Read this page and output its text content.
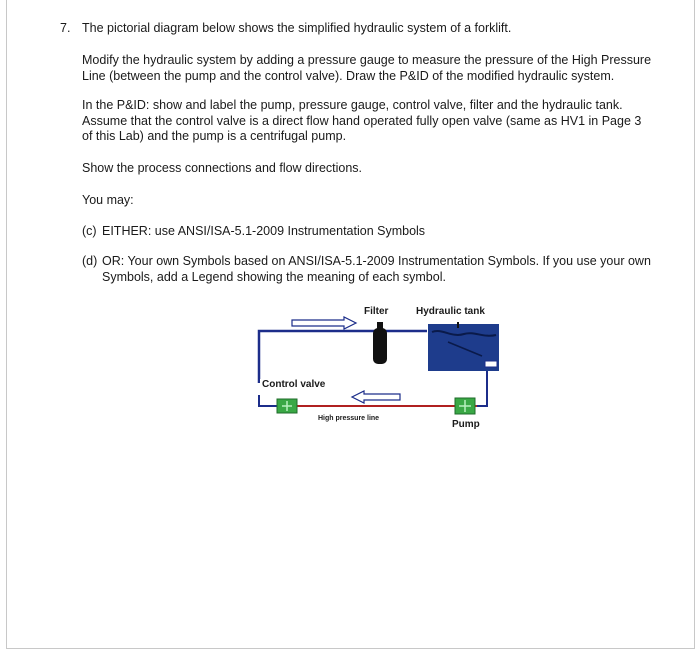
7. The pictorial diagram below shows the simplified hydraulic system of a forklift.
Modify the hydraulic system by adding a pressure gauge to measure the pressure of the High Pressure Line (between the pump and the control valve). Draw the P&ID of the modified hydraulic system.
In the P&ID: show and label the pump, pressure gauge, control valve, filter and the hydraulic tank. Assume that the control valve is a direct flow hand operated fully open valve (same as HV1 in Page 3 of this Lab) and the pump is a centrifugal pump.
Show the process connections and flow directions.
You may:
(c) EITHER: use ANSI/ISA-5.1-2009 Instrumentation Symbols
(d) OR: Your own Symbols based on ANSI/ISA-5.1-2009 Instrumentation Symbols. If you use your own Symbols, add a Legend showing the meaning of each symbol.
Filter	Hydraulic tank
Control valve
High pressure line
Pump
